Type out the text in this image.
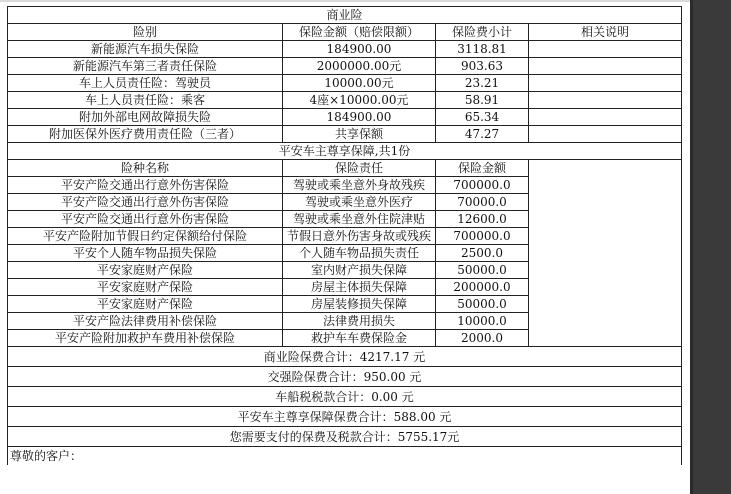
商业险			
险别	保险金额（赔偿限额）	保险费小计	相关说明
新能源汽车损失保险	184900.00	3118.81	
新能源汽车第三者责任保险	2000000.00元	903.63	
车上人员责任险：驾驶员	10000.00元	23.21	
车上人员责任险：乘客	4座×10000.00元	58.91	
附加外部电网故障损失险	184900.00	65.34	
附加医保外医疗费用责任险（三者）	共享保额	47.27	
平安车主尊享保障,共1份			
险种名称	保险责任	保险金额	
平安产险交通出行意外伤害保险	驾驶或乘坐意外身故残疾	700000.0	
平安产险交通出行意外伤害保险	驾驶或乘坐意外医疗	70000.0	
平安产险交通出行意外伤害保险	驾驶或乘坐意外住院津贴	12600.0	
平安产险附加节假日约定保额给付保险	节假日意外伤害身故或残疾	700000.0	
平安个人随车物品损失保险	个人随车物品损失责任	2500.0	
平安家庭财产保险	室内财产损失保障	50000.0	
平安家庭财产保险	房屋主体损失保障	200000.0	
平安家庭财产保险	房屋装修损失保障	50000.0	
平安产险法律费用补偿保险	法律费用损失	10000.0	
平安产险附加救护车费用补偿保险	救护车车费保险金	2000.0	
商业险保费合计：4217.17 元			
交强险保费合计：950.00 元			
车船税税款合计：0.00 元			
平安车主尊享保障保费合计：588.00 元			
您需要支付的保费及税款合计：5755.17元			
尊敬的客户：			
